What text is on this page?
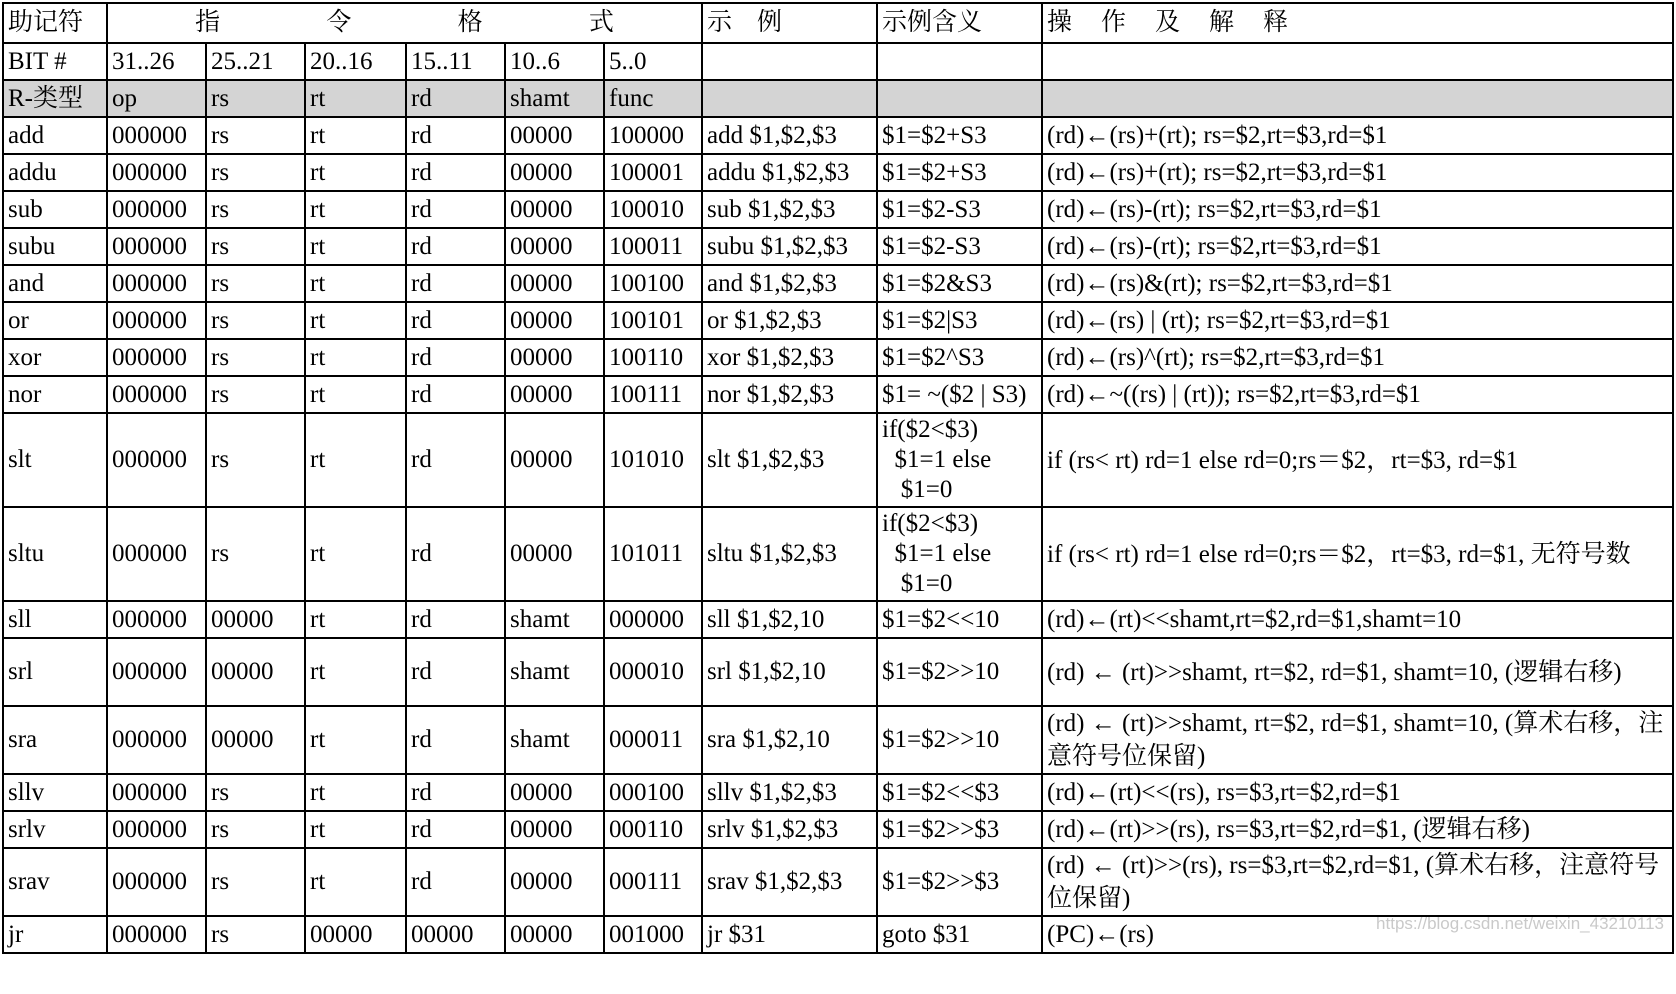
助记符	指 令 格 式						示　例	示例含义	操　作　及　解　释
BIT #	31..26	25..21	20..16	15..11	10..6	5..0			
R-类型	op	rs	rt	rd	shamt	func			
add	000000	rs	rt	rd	00000	100000	add $1,$2,$3	$1=$2+S3	(rd)←(rs)+(rt); rs=$2,rt=$3,rd=$1
addu	000000	rs	rt	rd	00000	100001	addu $1,$2,$3	$1=$2+S3	(rd)←(rs)+(rt); rs=$2,rt=$3,rd=$1
sub	000000	rs	rt	rd	00000	100010	sub $1,$2,$3	$1=$2-S3	(rd)←(rs)-(rt); rs=$2,rt=$3,rd=$1
subu	000000	rs	rt	rd	00000	100011	subu $1,$2,$3	$1=$2-S3	(rd)←(rs)-(rt); rs=$2,rt=$3,rd=$1
and	000000	rs	rt	rd	00000	100100	and $1,$2,$3	$1=$2&S3	(rd)←(rs)&(rt); rs=$2,rt=$3,rd=$1
or	000000	rs	rt	rd	00000	100101	or $1,$2,$3	$1=$2|S3	(rd)←(rs) | (rt); rs=$2,rt=$3,rd=$1
xor	000000	rs	rt	rd	00000	100110	xor $1,$2,$3	$1=$2^S3	(rd)←(rs)^(rt); rs=$2,rt=$3,rd=$1
nor	000000	rs	rt	rd	00000	100111	nor $1,$2,$3	$1= ~($2 | S3)	(rd)←~((rs) | (rt)); rs=$2,rt=$3,rd=$1
slt	000000	rs	rt	rd	00000	101010	slt $1,$2,$3	if($2<$3)
$1=1 else
$1=0	if (rs< rt) rd=1 else rd=0;rs＝$2，rt=$3, rd=$1
sltu	000000	rs	rt	rd	00000	101011	sltu $1,$2,$3	if($2<$3)
$1=1 else
$1=0	if (rs< rt) rd=1 else rd=0;rs＝$2，rt=$3, rd=$1, 无符号数
sll	000000	00000	rt	rd	shamt	000000	sll $1,$2,10	$1=$2<<10	(rd)←(rt)<<shamt,rt=$2,rd=$1,shamt=10
srl	000000	00000	rt	rd	shamt	000010	srl $1,$2,10	$1=$2>>10	(rd) ← (rt)>>shamt, rt=$2, rd=$1, shamt=10, (逻辑右移)
sra	000000	00000	rt	rd	shamt	000011	sra $1,$2,10	$1=$2>>10	(rd) ← (rt)>>shamt, rt=$2, rd=$1, shamt=10, (算术右移，注意符号位保留)
sllv	000000	rs	rt	rd	00000	000100	sllv $1,$2,$3	$1=$2<<$3	(rd)←(rt)<<(rs), rs=$3,rt=$2,rd=$1
srlv	000000	rs	rt	rd	00000	000110	srlv $1,$2,$3	$1=$2>>$3	(rd)←(rt)>>(rs), rs=$3,rt=$2,rd=$1, (逻辑右移)
srav	000000	rs	rt	rd	00000	000111	srav $1,$2,$3	$1=$2>>$3	(rd) ← (rt)>>(rs), rs=$3,rt=$2,rd=$1, (算术右移，注意符号位保留)
jr	000000	rs	00000	00000	00000	001000	jr $31	goto $31	(PC)←(rs)	https://blog.csdn.net/weixin_43210113
